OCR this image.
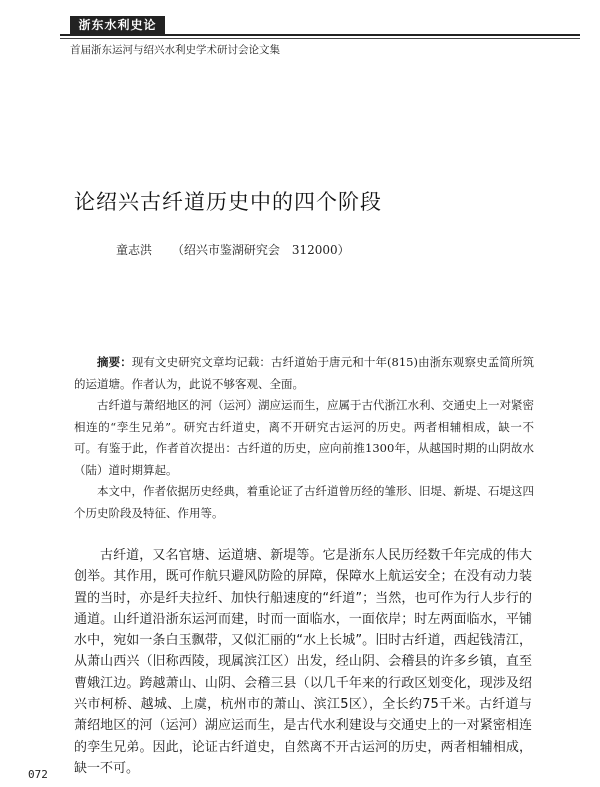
浙东水利史论
首届浙东运河与绍兴水利史学术研讨会论文集
论绍兴古纤道历史中的四个阶段
童志洪 （绍兴市鉴湖研究会　312000）

摘要：现有文史研究文章均记载：古纤道始于唐元和十年(815)由浙东观察史孟简所筑的运道塘。作者认为，此说不够客观、全面。

古纤道与萧绍地区的河（运河）湖应运而生，应属于古代浙江水利、交通史上一对紧密相连的“孪生兄弟”。研究古纤道史，离不开研究古运河的历史。两者相辅相成，缺一不可。有鉴于此，作者首次提出：古纤道的历史，应向前推1300年，从越国时期的山阴故水（陆）道时期算起。

本文中，作者依据历史经典，着重论证了古纤道曾历经的雏形、旧堤、新堤、石堤这四个历史阶段及特征、作用等。

古纤道，又名官塘、运道塘、新堤等。它是浙东人民历经数千年完成的伟大创举。其作用，既可作航只避风防险的屏障，保障水上航运安全；在没有动力装置的当时，亦是纤夫拉纤、加快行船速度的“纤道”；当然，也可作为行人步行的通道。山纤道沿浙东运河而建，时而一面临水，一面依岸；时左两面临水，平铺水中，宛如一条白玉飘带，又似汇丽的“水上长城”。旧时古纤道，西起钱清江，从萧山西兴（旧称西陵，现属滨江区）出发，经山阴、会稽县的许多乡镇，直至曹娥江边。跨越萧山、山阴、会稽三县（以几千年来的行政区划变化，现涉及绍兴市柯桥、越城、上虞，杭州市的萧山、滨江5区），全长约75千米。古纤道与萧绍地区的河（运河）湖应运而生，是古代水利建设与交通史上的一对紧密相连的孪生兄弟。因此，论证古纤道史，自然离不开古运河的历史，两者相辅相成，缺一不可。

072
